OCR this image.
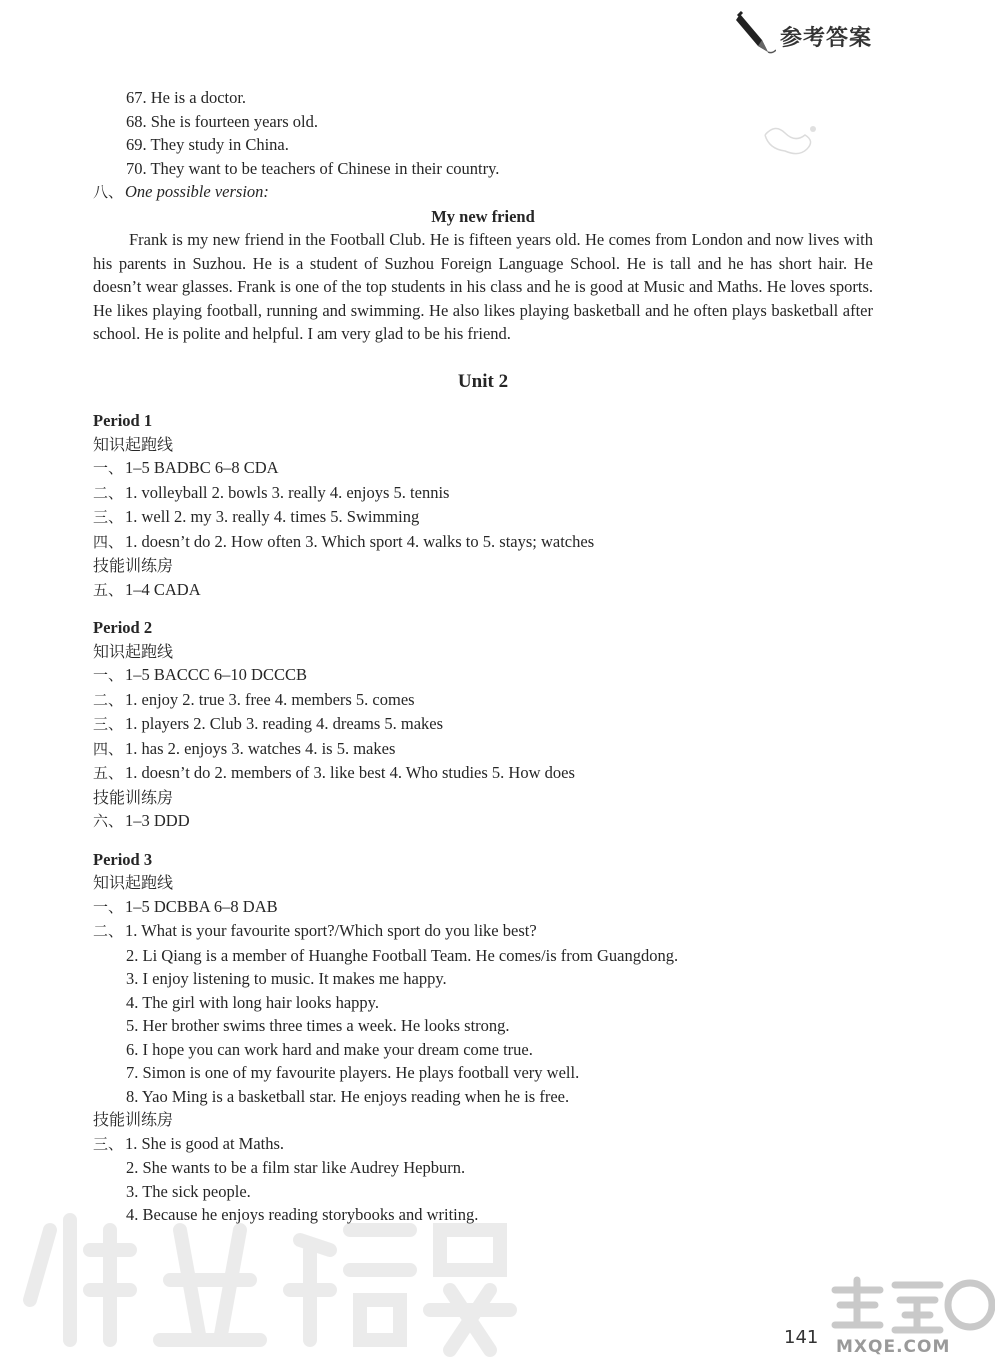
参考答案
67. He is a doctor.
68. She is fourteen years old.
69. They study in China.
70. They want to be teachers of Chinese in their country.
八、 One possible version:
My new friend
Frank is my new friend in the Football Club. He is fifteen years old. He comes from London and now lives with his parents in Suzhou. He is a student of Suzhou Foreign Language School. He is tall and he has short hair. He doesn’t wear glasses. Frank is one of the top students in his class and he is good at Music and Maths. He loves sports. He likes playing football, running and swimming. He also likes playing basketball and he often plays basketball after school. He is polite and helpful. I am very glad to be his friend.
Unit 2
Period 1
知识起跑线
一、 1–5 BADBC 6–8 CDA
二、 1. volleyball 2. bowls 3. really 4. enjoys 5. tennis
三、 1. well 2. my 3. really 4. times 5. Swimming
四、 1. doesn’t do 2. How often 3. Which sport 4. walks to 5. stays; watches
技能训练房
五、 1–4 CADA
Period 2
知识起跑线
一、 1–5 BACCC 6–10 DCCCB
二、 1. enjoy 2. true 3. free 4. members 5. comes
三、 1. players 2. Club 3. reading 4. dreams 5. makes
四、 1. has 2. enjoys 3. watches 4. is 5. makes
五、 1. doesn’t do 2. members of 3. like best 4. Who studies 5. How does
技能训练房
六、 1–3 DDD
Period 3
知识起跑线
一、 1–5 DCBBA 6–8 DAB
二、 1. What is your favourite sport?/Which sport do you like best?
2. Li Qiang is a member of Huanghe Football Team. He comes/is from Guangdong.
3. I enjoy listening to music. It makes me happy.
4. The girl with long hair looks happy.
5. Her brother swims three times a week. He looks strong.
6. I hope you can work hard and make your dream come true.
7. Simon is one of my favourite players. He plays football very well.
8. Yao Ming is a basketball star. He enjoys reading when he is free.
技能训练房
三、 1. She is good at Maths.
2. She wants to be a film star like Audrey Hepburn.
3. The sick people.
4. Because he enjoys reading storybooks and writing.
MXQE.COM
141
